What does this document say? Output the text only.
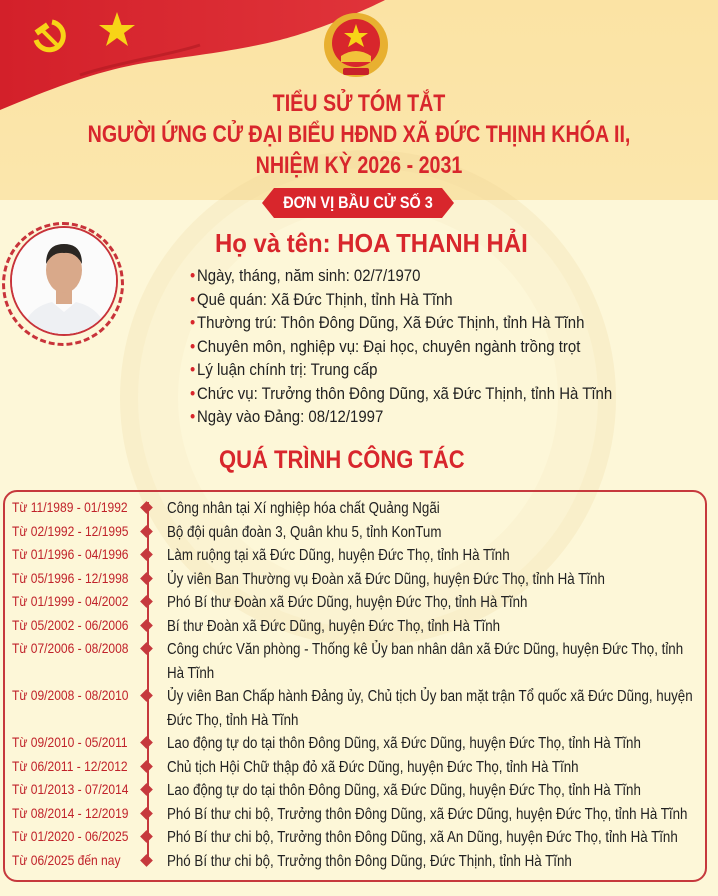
TIỂU SỬ TÓM TẮT
NGƯỜI ỨNG CỬ ĐẠI BIỂU HĐND XÃ ĐỨC THỊNH KHÓA II,
NHIỆM KỲ 2026 - 2031
ĐƠN VỊ BẦU CỬ SỐ 3
Họ và tên: HOA THANH HẢI
• Ngày, tháng, năm sinh: 02/7/1970
• Quê quán: Xã Đức Thịnh, tỉnh Hà Tĩnh
• Thường trú: Thôn Đông Dũng, Xã Đức Thịnh, tỉnh Hà Tĩnh
• Chuyên môn, nghiệp vụ: Đại học, chuyên ngành trồng trọt
• Lý luận chính trị: Trung cấp
• Chức vụ: Trưởng thôn Đông Dũng, xã Đức Thịnh, tỉnh Hà Tĩnh
• Ngày vào Đảng: 08/12/1997
QUÁ TRÌNH CÔNG TÁC
Từ 11/1989 - 01/1992	Công nhân tại Xí nghiệp hóa chất Quảng Ngãi
Từ 02/1992 - 12/1995 Bộ đội quân đoàn 3, Quân khu 5, tỉnh KonTum
Từ 01/1996 - 04/1996 Làm ruộng tại xã Đức Dũng, huyện Đức Thọ, tỉnh Hà Tĩnh
Từ 05/1996 - 12/1998 Ủy viên Ban Thường vụ Đoàn xã Đức Dũng, huyện Đức Thọ, tỉnh Hà Tĩnh
Từ 01/1999 - 04/2002 Phó Bí thư Đoàn xã Đức Dũng, huyện Đức Thọ, tỉnh Hà Tĩnh
Từ 05/2002 - 06/2006 Bí thư Đoàn xã Đức Dũng, huyện Đức Thọ, tỉnh Hà Tĩnh
Từ 07/2006 - 08/2008 Công chức Văn phòng - Thống kê Ủy ban nhân dân xã Đức Dũng, huyện Đức Thọ, tỉnh Hà Tĩnh
Từ 09/2008 - 08/2010 Ủy viên Ban Chấp hành Đảng ủy, Chủ tịch Ủy ban mặt trận Tổ quốc xã Đức Dũng, huyện Đức Thọ, tỉnh Hà Tĩnh
Từ 09/2010 - 05/2011	Lao động tự do tại thôn Đông Dũng, xã Đức Dũng, huyện Đức Thọ, tỉnh Hà Tĩnh
Từ 06/2011 - 12/2012	Chủ tịch Hội Chữ thập đỏ xã Đức Dũng, huyện Đức Thọ, tỉnh Hà Tĩnh
Từ 01/2013 - 07/2014 Lao động tự do tại thôn Đông Dũng, xã Đức Dũng, huyện Đức Thọ, tỉnh Hà Tĩnh
Từ 08/2014 - 12/2019 Phó Bí thư chi bộ, Trưởng thôn Đông Dũng, xã Đức Dũng, huyện Đức Thọ, tỉnh Hà Tĩnh
Từ 01/2020 - 06/2025 Phó Bí thư chi bộ, Trưởng thôn Đông Dũng, xã An Dũng, huyện Đức Thọ, tỉnh Hà Tĩnh
Từ 06/2025 đến nay	Phó Bí thư chi bộ, Trưởng thôn Đông Dũng, Đức Thịnh, tỉnh Hà Tĩnh
